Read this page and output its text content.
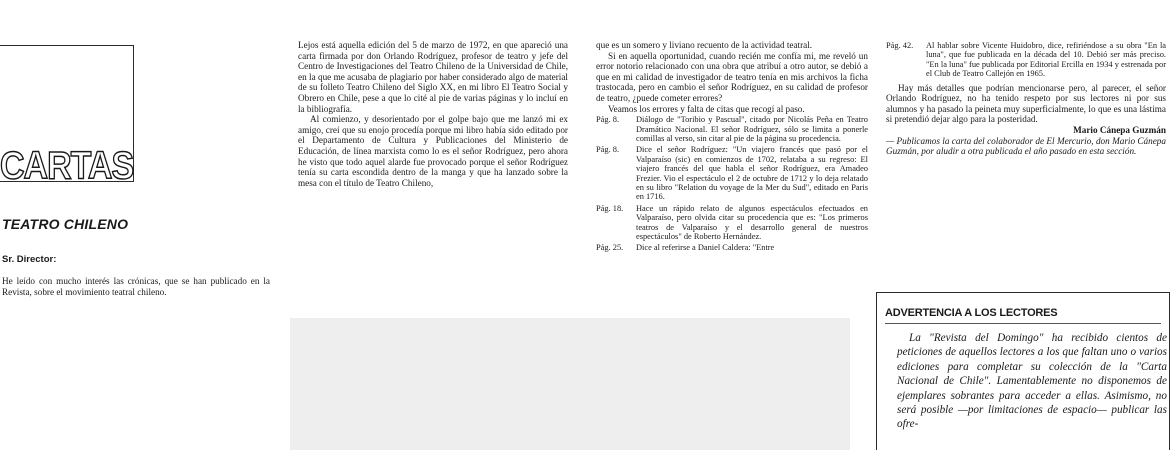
CARTAS
TEATRO CHILENO
Sr. Director:

He leído con mucho interés las crónicas, que se han publicado en la Revista, sobre el movimiento teatral chileno.

Lejos está aquella edición del 5 de marzo de 1972, en que apareció una carta firmada por don Orlando Rodríguez, profesor de teatro y jefe del Centro de Investigaciones del Teatro Chileno de la Universidad de Chile, en la que me acusaba de plagiario por haber considerado algo de material de su folleto Teatro Chileno del Siglo XX, en mi libro El Teatro Social y Obrero en Chile, pese a que lo cité al pie de varias páginas y lo incluí en la bibliografía.

Al comienzo, y desorientado por el golpe bajo que me lanzó mi ex amigo, creí que su enojo procedía porque mi libro había sido editado por el Departamento de Cultura y Publicaciones del Ministerio de Educación, de línea marxista como lo es el señor Rodríguez, pero ahora he visto que todo aquel alarde fue provocado porque el señor Rodríguez tenía su carta escondida dentro de la manga y que ha lanzado sobre la mesa con el título de Teatro Chileno,

que es un somero y liviano recuento de la actividad teatral.

Si en aquella oportunidad, cuando recién me confía mi, me reveló un error notorio relacionado con una obra que atribuí a otro autor, se debió a que en mi calidad de investigador de teatro tenía en mis archivos la ficha trastocada, pero en cambio el señor Rodríguez, en su calidad de profesor de teatro, ¿puede cometer errores?

Veamos los errores y falta de citas que recogí al paso.

Pág. 8.	Diálogo de "Toribio y Pascual", citado por Nicolás Peña en Teatro Dramático Nacional. El señor Rodríguez, sólo se limita a ponerle comillas al verso, sin citar al pie de la página su procedencia.
Pág. 8.	Dice el señor Rodríguez: "Un viajero francés que pasó por el Valparaíso (sic) en comienzos de 1702, relataba a su regreso: El viajero francés del que habla el señor Rodríguez, era Amadeo Frezier. Vio el espectáculo el 2 de octubre de 1712 y lo deja relatado en su libro "Relation du voyage de la Mer du Sud", editado en Paris en 1716.
Pág. 18.	Hace un rápido relato de algunos espectáculos efectuados en Valparaíso, pero olvida citar su procedencia que es: "Los primeros teatros de Valparaíso y el desarrollo general de nuestros espectáculos" de Roberto Hernández.
Pág. 25.	Dice al referirse a Daniel Caldera: "Entre
Pág. 42.	Al hablar sobre Vicente Huidobro, dice, refiriéndose a su obra "En la luna", que fue publicada en la década del 10. Debió ser más preciso. "En la luna" fue publicada por Editorial Ercilla en 1934 y estrenada por el Club de Teatro Callejón en 1965.

Hay más detalles que podrían mencionarse pero, al parecer, el señor Orlando Rodríguez, no ha tenido respeto por sus lectores ni por sus alumnos y ha pasado la peineta muy superficialmente, lo que es una lástima si pretendió dejar algo para la posteridad.

Mario Cánepa Guzmán

— Publicamos la carta del colaborador de El Mercurio, don Mario Cánepa Guzmán, por aludir a otra publicada el año pasado en esta sección.

ADVERTENCIA A LOS LECTORES
La "Revista del Domingo" ha recibido cientos de peticiones de aquellos lectores a los que faltan uno o varios ediciones para completar su colección de la "Carta Nacional de Chile". Lamentablemente no disponemos de ejemplares sobrantes para acceder a ellas. Asimismo, no será posible —por limitaciones de espacio— publicar las ofre-
